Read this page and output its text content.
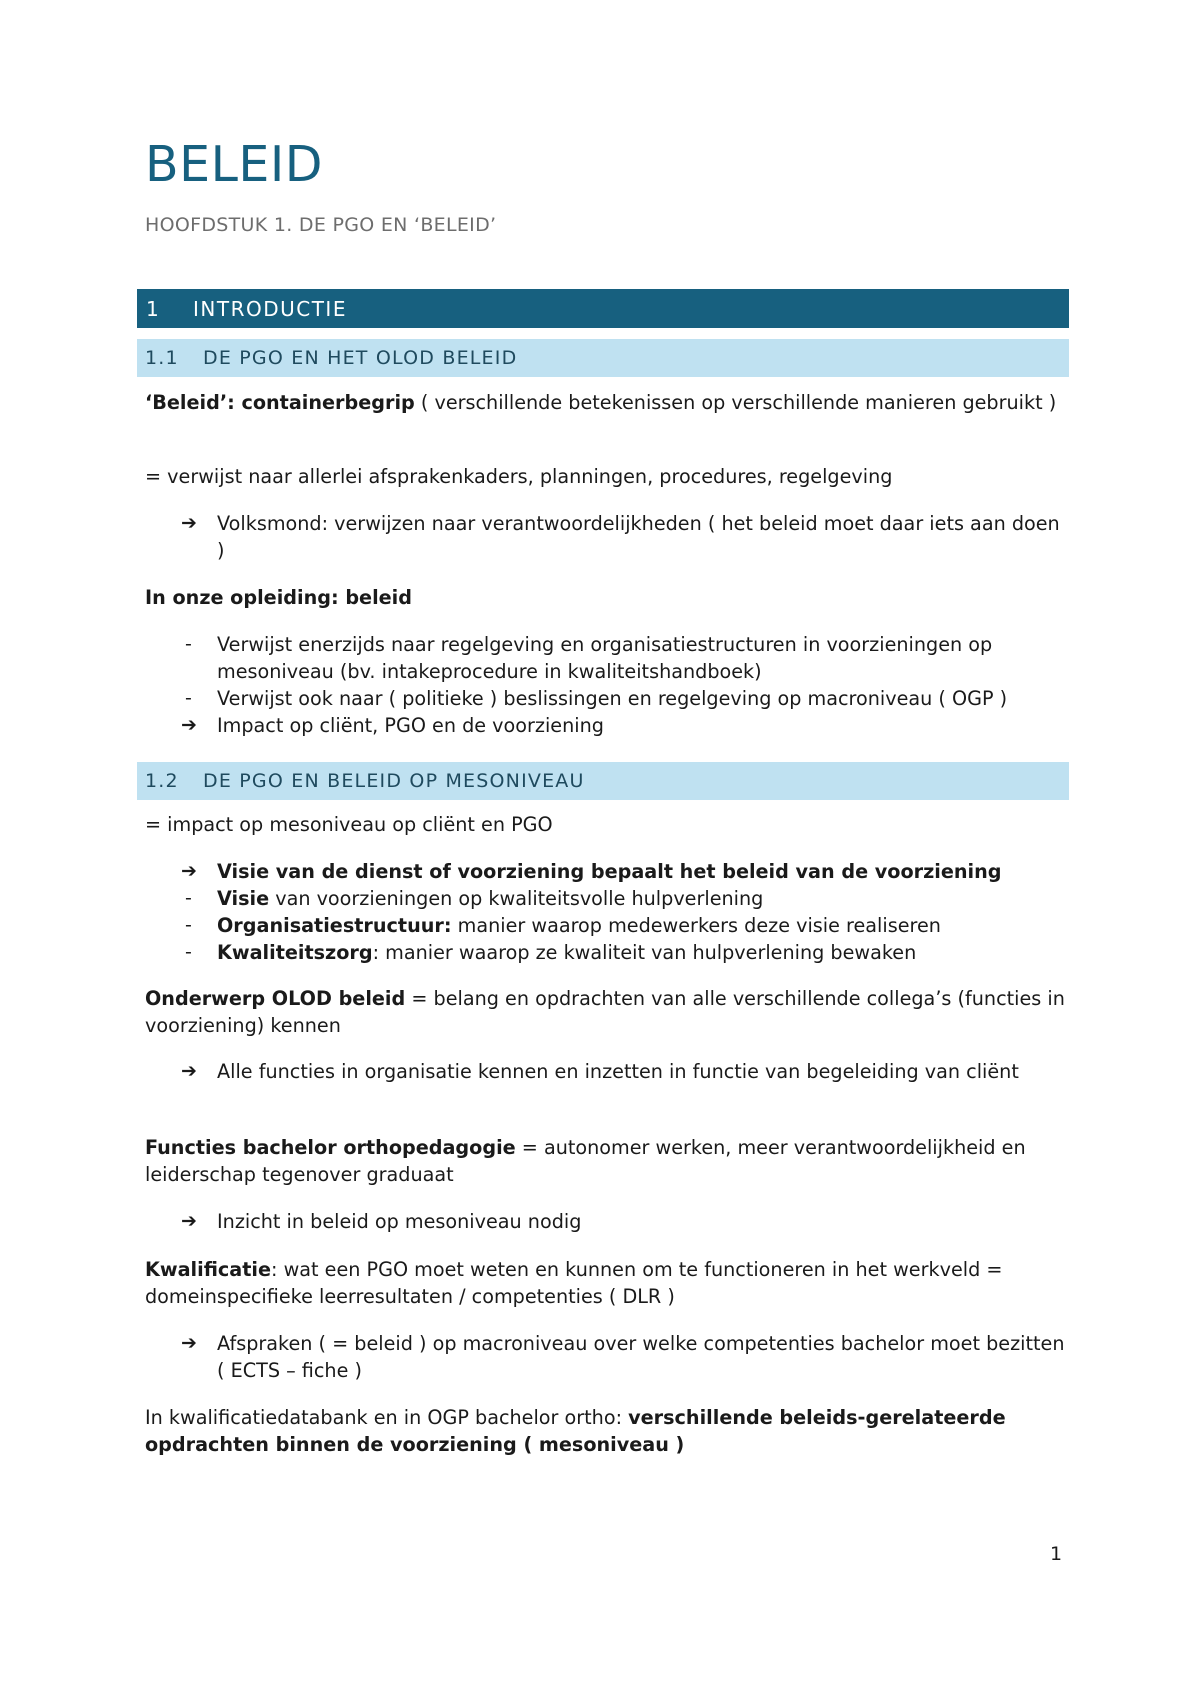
BELEID
HOOFDSTUK 1. DE PGO EN ‘BELEID’
1	INTRODUCTIE
1.1	DE PGO EN HET OLOD BELEID

‘Beleid’: containerbegrip ( verschillende betekenissen op verschillende manieren gebruikt )

= verwijst naar allerlei afsprakenkaders, planningen, procedures, regelgeving

➔	Volksmond: verwijzen naar verantwoordelijkheden ( het beleid moet daar iets aan doen )

In onze opleiding: beleid

-	Verwijst enerzijds naar regelgeving en organisatiestructuren in voorzieningen op mesoniveau (bv. intakeprocedure in kwaliteitshandboek)
-	Verwijst ook naar ( politieke ) beslissingen en regelgeving op macroniveau ( OGP )
➔	Impact op cliënt, PGO en de voorziening
1.2	DE PGO EN BELEID OP MESONIVEAU

= impact op mesoniveau op cliënt en PGO

➔	Visie van de dienst of voorziening bepaalt het beleid van de voorziening
-	Visie van voorzieningen op kwaliteitsvolle hulpverlening
-	Organisatiestructuur: manier waarop medewerkers deze visie realiseren
-	Kwaliteitszorg: manier waarop ze kwaliteit van hulpverlening bewaken

Onderwerp OLOD beleid = belang en opdrachten van alle verschillende collega’s (functies in voorziening) kennen

➔	Alle functies in organisatie kennen en inzetten in functie van begeleiding van cliënt

Functies bachelor orthopedagogie = autonomer werken, meer verantwoordelijkheid en leiderschap tegenover graduaat

➔	Inzicht in beleid op mesoniveau nodig

Kwalificatie: wat een PGO moet weten en kunnen om te functioneren in het werkveld = domeinspecifieke leerresultaten / competenties ( DLR )

➔	Afspraken ( = beleid ) op macroniveau over welke competenties bachelor moet bezitten ( ECTS – fiche )

In kwalificatiedatabank en in OGP bachelor ortho: verschillende beleids-gerelateerde opdrachten binnen de voorziening ( mesoniveau )

1
